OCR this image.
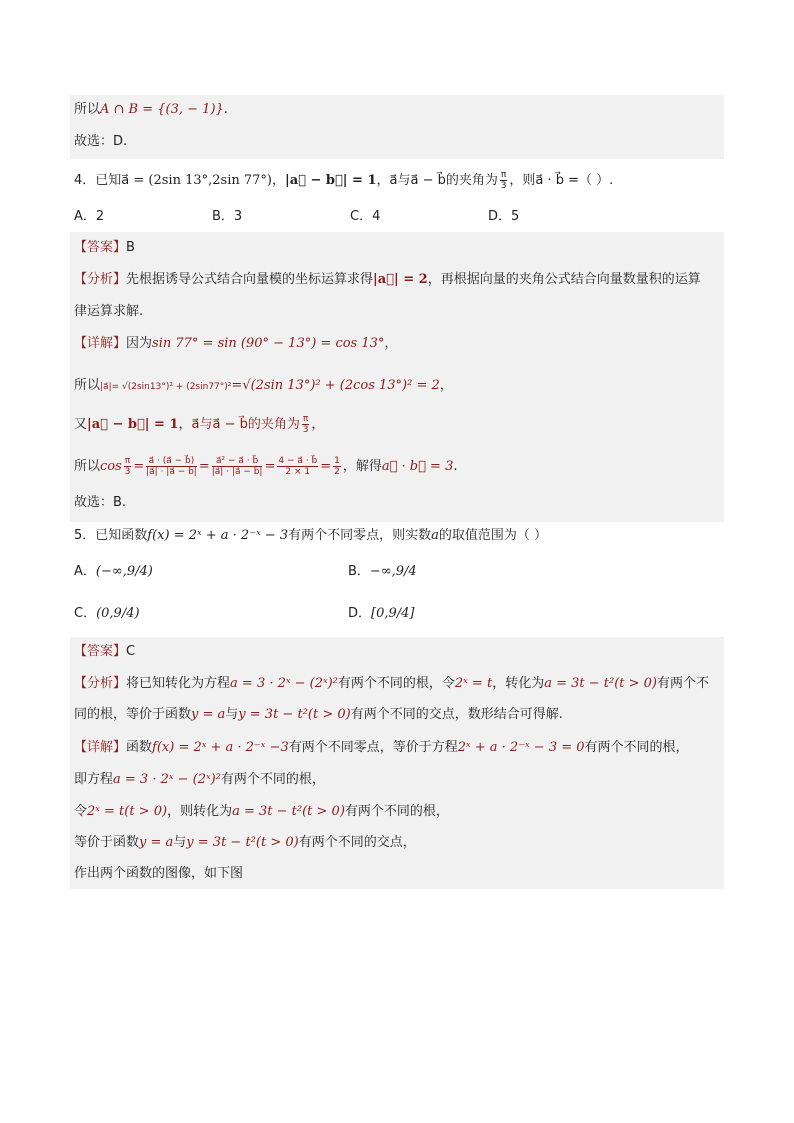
所以A ∩ B = {(3, − 1)}.
故选：D.
4．已知a⃗ = (2sin 13°,2sin 77°)，|a⃗ − b⃗| = 1，a⃗与a⃗ − b⃗的夹角为 $\frac{\pi}{3}$ ，则a⃗ · b⃗ =（ ）.
A．2	B．3	C．4	D．5
【答案】B
【分析】先根据诱导公式结合向量模的坐标运算求得|a⃗| = 2，再根据向量的夹角公式结合向量数量积的运算
律运算求解.
【详解】因为sin 77° = sin (90° − 13°) = cos 13°，
所以|a⃗|= √(2sin13°)² + (2sin77°)²=√(2sin 13°)² + (2cos 13°)² = 2，
又|a⃗ − b⃗| = 1，a⃗与a⃗ − b⃗的夹角为 $\frac{\pi}{3}$ ，
所以$\cos \frac{\pi}{3} = \frac{a⃗ \cdot (a⃗ - b⃗)}{|a⃗| \cdot |a⃗ - b⃗|} = \frac{\text{a⃗² − a⃗ · b⃗}}{|a⃗| \cdot |a⃗ - b⃗|} = \frac{4 - a⃗ \cdot b⃗}{2 \times 1} = \frac{1}{2}$ ，解得a⃗ · b⃗ = 3.
故选：B.
5．已知函数f(x) = 2ˣ + a · 2⁻ˣ − 3有两个不同零点，则实数a的取值范围为（ ）
A．(−∞,9/4)	B．−∞,9/4
C．(0,9/4)	D．[0,9/4]
【答案】C
【分析】将已知转化为方程a = 3 · 2ˣ − (2ˣ)²有两个不同的根，令2ˣ = t，转化为a = 3t − t²(t > 0)有两个不
同的根，等价于函数y = a与y = 3t − t²(t > 0)有两个不同的交点，数形结合可得解.
【详解】函数f(x) = 2ˣ + a · 2⁻ˣ −3有两个不同零点，等价于方程2ˣ + a · 2⁻ˣ − 3 = 0有两个不同的根，
即方程a = 3 · 2ˣ − (2ˣ)²有两个不同的根，
令2ˣ = t(t > 0)，则转化为a = 3t − t²(t > 0)有两个不同的根，
等价于函数y = a与y = 3t − t²(t > 0)有两个不同的交点，
作出两个函数的图像，如下图
